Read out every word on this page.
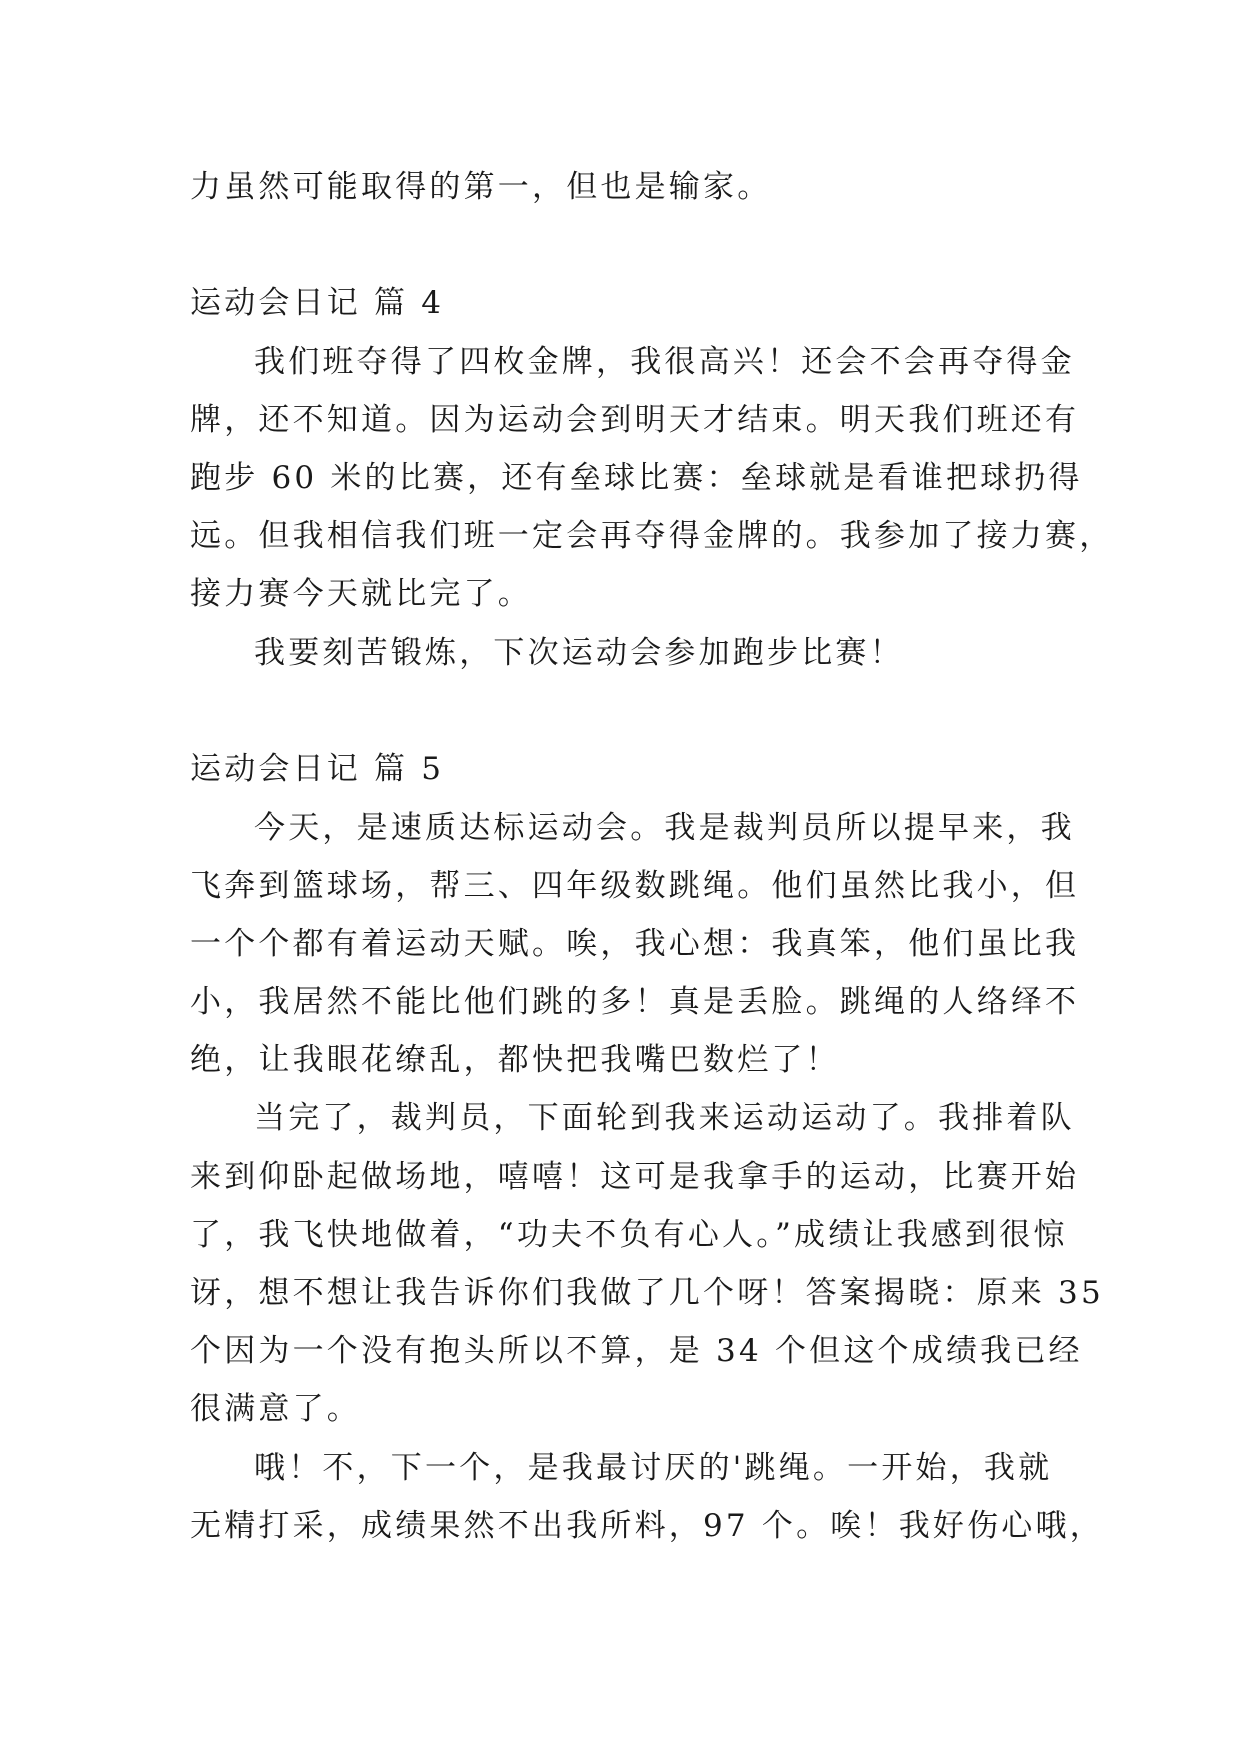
力虽然可能取得的第一，但也是输家。
运动会日记 篇 4
我们班夺得了四枚金牌，我很高兴！还会不会再夺得金
牌，还不知道。因为运动会到明天才结束。明天我们班还有
跑步 60 米的比赛，还有垒球比赛：垒球就是看谁把球扔得
远。但我相信我们班一定会再夺得金牌的。我参加了接力赛，
接力赛今天就比完了。
我要刻苦锻炼，下次运动会参加跑步比赛！
运动会日记 篇 5
今天，是速质达标运动会。我是裁判员所以提早来，我
飞奔到篮球场，帮三、四年级数跳绳。他们虽然比我小，但
一个个都有着运动天赋。唉，我心想：我真笨，他们虽比我
小，我居然不能比他们跳的多！真是丢脸。跳绳的人络绎不
绝，让我眼花缭乱，都快把我嘴巴数烂了！
当完了，裁判员，下面轮到我来运动运动了。我排着队
来到仰卧起做场地，嘻嘻！这可是我拿手的运动，比赛开始
了，我飞快地做着，“功夫不负有心人。”成绩让我感到很惊
讶，想不想让我告诉你们我做了几个呀！答案揭晓：原来 35
个因为一个没有抱头所以不算，是 34 个但这个成绩我已经
很满意了。
哦！不，下一个，是我最讨厌的'跳绳。一开始，我就
无精打采，成绩果然不出我所料，97 个。唉！我好伤心哦，
